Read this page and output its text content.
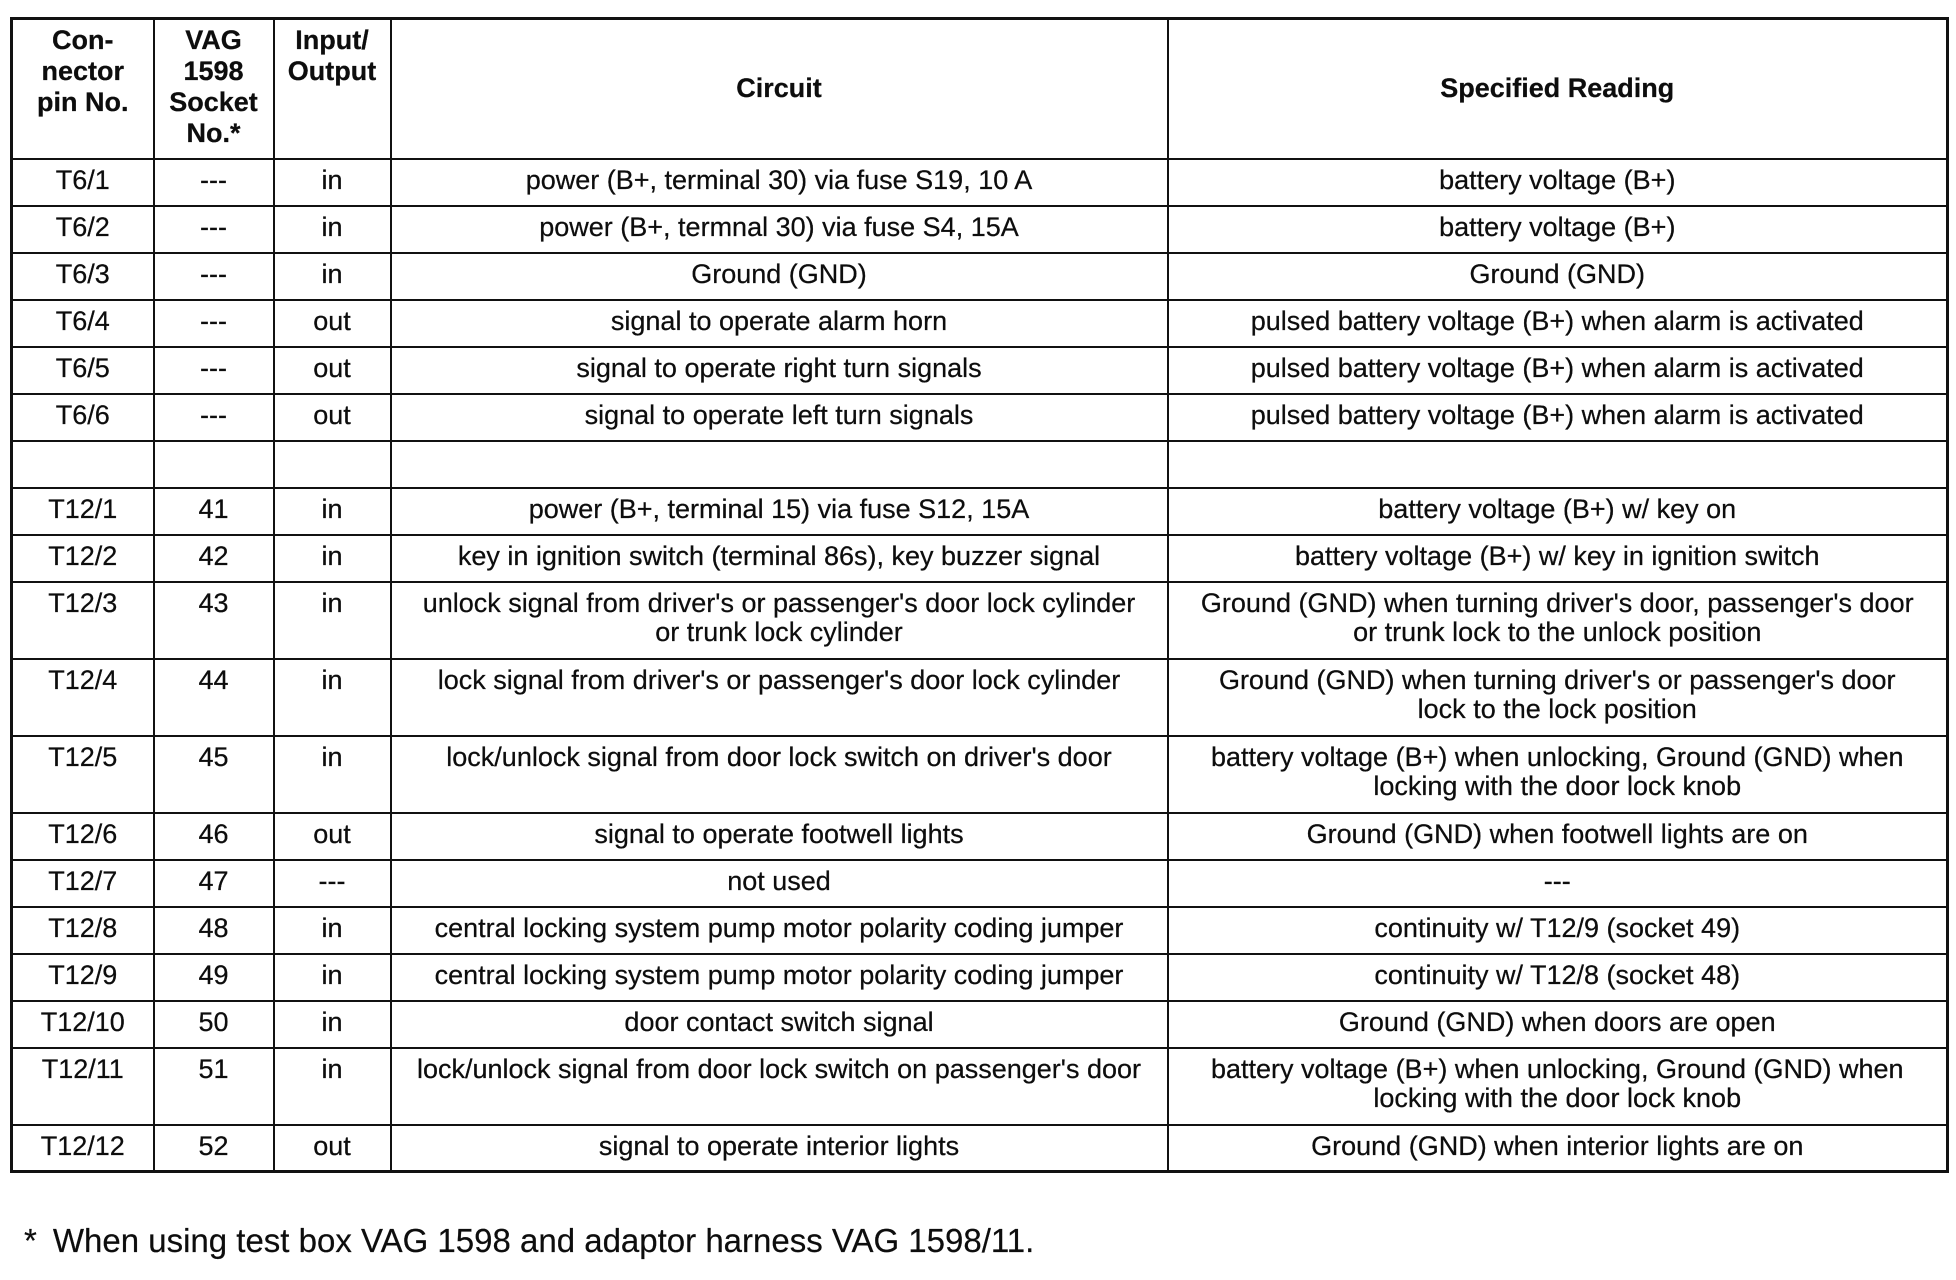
Con-
nector
pin No.	VAG
1598
Socket
No.*	Input/
Output	Circuit	Specified Reading
T6/1	---	in	power (B+, terminal 30) via fuse S19, 10 A	battery voltage (B+)
T6/2	---	in	power (B+, termnal 30) via fuse S4, 15A	battery voltage (B+)
T6/3	---	in	Ground (GND)	Ground (GND)
T6/4	---	out	signal to operate alarm horn	pulsed battery voltage (B+) when alarm is activated
T6/5	---	out	signal to operate right turn signals	pulsed battery voltage (B+) when alarm is activated
T6/6	---	out	signal to operate left turn signals	pulsed battery voltage (B+) when alarm is activated

T12/1	41	in	power (B+, terminal 15) via fuse S12, 15A	battery voltage (B+) w/ key on
T12/2	42	in	key in ignition switch (terminal 86s), key buzzer signal	battery voltage (B+) w/ key in ignition switch
T12/3	43	in	unlock signal from driver's or passenger's door lock cylinder
or trunk lock cylinder	Ground (GND) when turning driver's door, passenger's door
or trunk lock to the unlock position
T12/4	44	in	lock signal from driver's or passenger's door lock cylinder	Ground (GND) when turning driver's or passenger's door
lock to the lock position
T12/5	45	in	lock/unlock signal from door lock switch on driver's door	battery voltage (B+) when unlocking, Ground (GND) when
locking with the door lock knob
T12/6	46	out	signal to operate footwell lights	Ground (GND) when footwell lights are on
T12/7	47	---	not used	---
T12/8	48	in	central locking system pump motor polarity coding jumper	continuity w/ T12/9 (socket 49)
T12/9	49	in	central locking system pump motor polarity coding jumper	continuity w/ T12/8 (socket 48)
T12/10	50	in	door contact switch signal	Ground (GND) when doors are open
T12/11	51	in	lock/unlock signal from door lock switch on passenger's door	battery voltage (B+) when unlocking, Ground (GND) when
locking with the door lock knob
T12/12	52	out	signal to operate interior lights	Ground (GND) when interior lights are on
* When using test box VAG 1598 and adaptor harness VAG 1598/11.
